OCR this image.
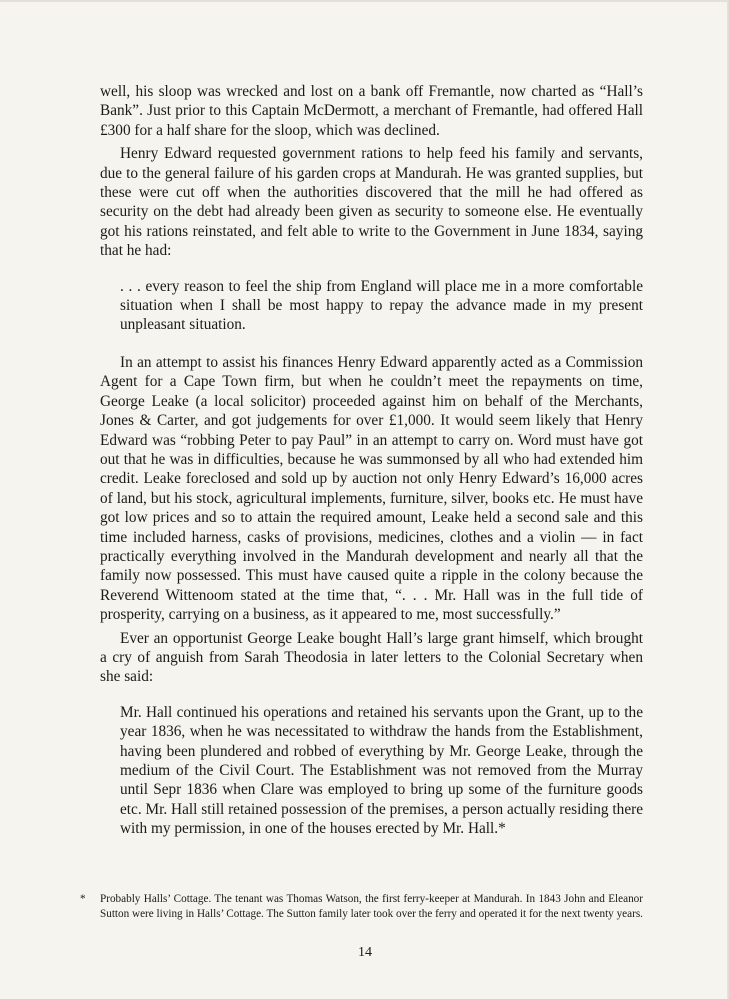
well, his sloop was wrecked and lost on a bank off Fremantle, now charted as “Hall’s Bank”. Just prior to this Captain McDermott, a merchant of Fremantle, had offered Hall £300 for a half share for the sloop, which was declined.

Henry Edward requested government rations to help feed his family and servants, due to the general failure of his garden crops at Mandurah. He was granted supplies, but these were cut off when the authorities discovered that the mill he had offered as security on the debt had already been given as security to someone else. He eventually got his rations reinstated, and felt able to write to the Government in June 1834, saying that he had:

. . . every reason to feel the ship from England will place me in a more comfortable situation when I shall be most happy to repay the advance made in my present unpleasant situation.

In an attempt to assist his finances Henry Edward apparently acted as a Commission Agent for a Cape Town firm, but when he couldn’t meet the repayments on time, George Leake (a local solicitor) proceeded against him on behalf of the Merchants, Jones & Carter, and got judgements for over £1,000. It would seem likely that Henry Edward was “robbing Peter to pay Paul” in an attempt to carry on. Word must have got out that he was in difficulties, because he was summonsed by all who had extended him credit. Leake foreclosed and sold up by auction not only Henry Edward’s 16,000 acres of land, but his stock, agricultural implements, furniture, silver, books etc. He must have got low prices and so to attain the required amount, Leake held a second sale and this time included harness, casks of provisions, medicines, clothes and a violin — in fact practically everything involved in the Mandurah development and nearly all that the family now possessed. This must have caused quite a ripple in the colony because the Reverend Wittenoom stated at the time that, “. . . Mr. Hall was in the full tide of prosperity, carrying on a business, as it appeared to me, most successfully.”

Ever an opportunist George Leake bought Hall’s large grant himself, which brought a cry of anguish from Sarah Theodosia in later letters to the Colonial Secretary when she said:

Mr. Hall continued his operations and retained his servants upon the Grant, up to the year 1836, when he was necessitated to withdraw the hands from the Establishment, having been plundered and robbed of everything by Mr. George Leake, through the medium of the Civil Court. The Establishment was not removed from the Murray until Sepr 1836 when Clare was employed to bring up some of the furniture goods etc. Mr. Hall still retained possession of the premises, a person actually residing there with my permission, in one of the houses erected by Mr. Hall.*

* Probably Halls’ Cottage. The tenant was Thomas Watson, the first ferry-keeper at Mandurah. In 1843 John and Eleanor Sutton were living in Halls’ Cottage. The Sutton family later took over the ferry and operated it for the next twenty years.
14
